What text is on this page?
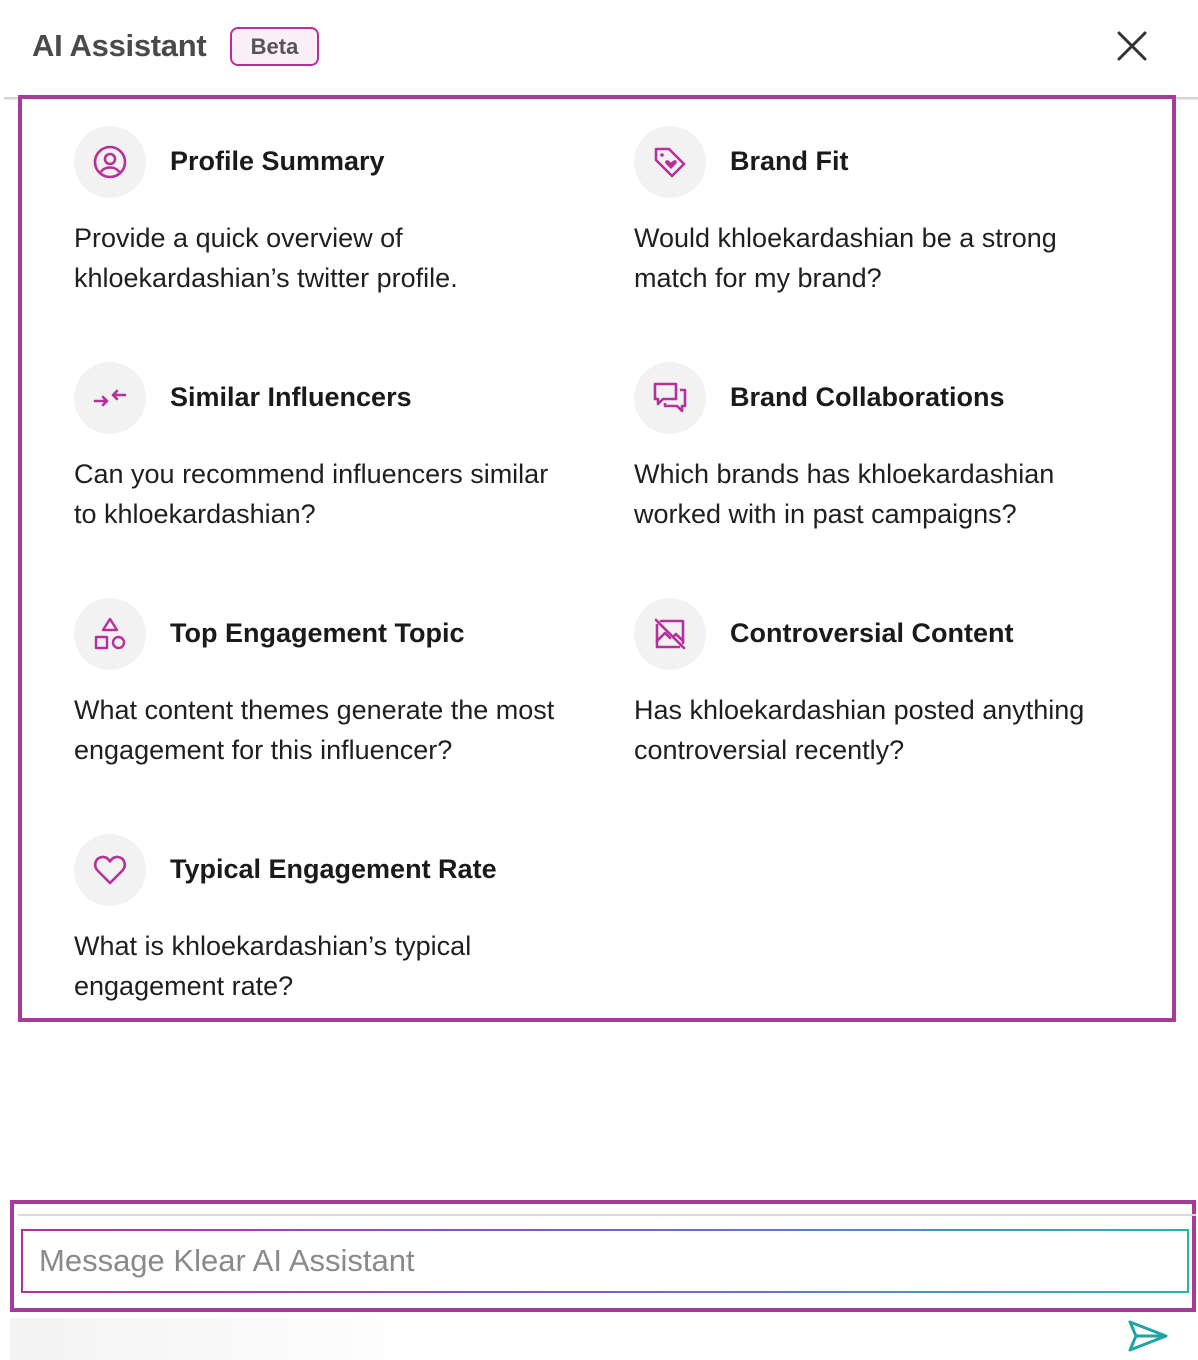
AI Assistant	Beta
Profile Summary
Provide a quick overview of khloekardashian’s twitter profile.
Brand Fit
Would khloekardashian be a strong match for my brand?
Similar Influencers
Can you recommend influencers similar to khloekardashian?
Brand Collaborations
Which brands has khloekardashian worked with in past campaigns?
Top Engagement Topic
What content themes generate the most engagement for this influencer?
Controversial Content
Has khloekardashian posted anything controversial recently?
Typical Engagement Rate
What is khloekardashian’s typical engagement rate?
Message Klear AI Assistant
